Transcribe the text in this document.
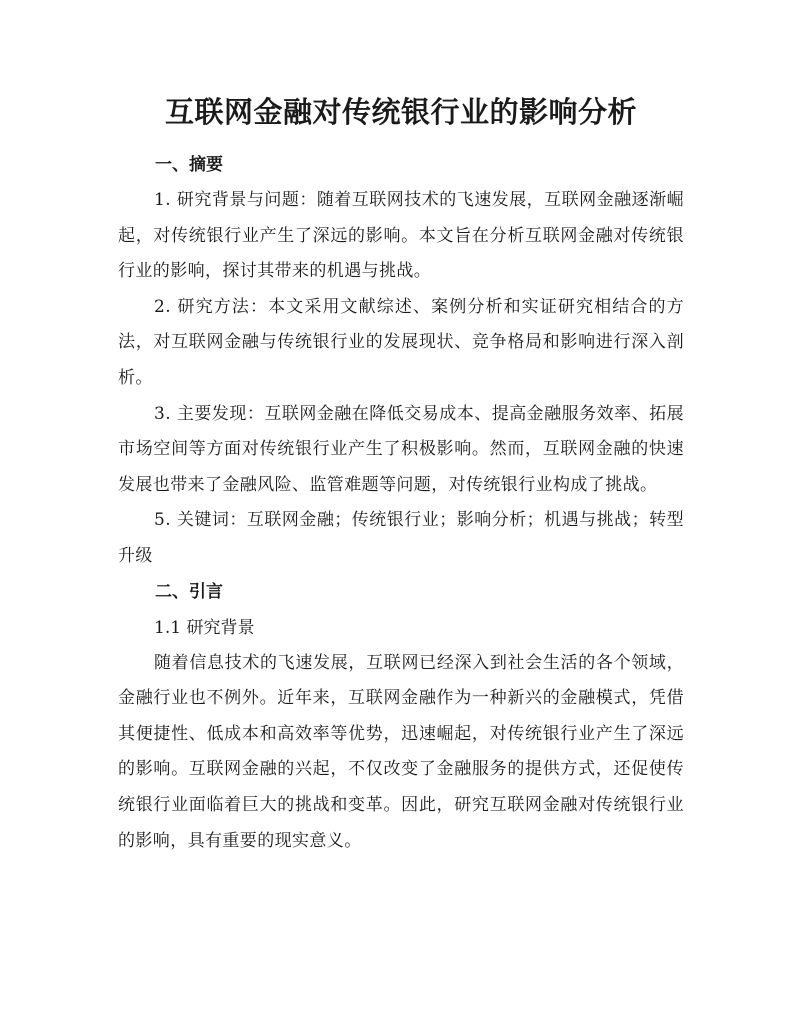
互联网金融对传统银行业的影响分析
一、摘要

1. 研究背景与问题：随着互联网技术的飞速发展，互联网金融逐渐崛起，对传统银行业产生了深远的影响。本文旨在分析互联网金融对传统银行业的影响，探讨其带来的机遇与挑战。

2. 研究方法：本文采用文献综述、案例分析和实证研究相结合的方法，对互联网金融与传统银行业的发展现状、竞争格局和影响进行深入剖析。

3. 主要发现：互联网金融在降低交易成本、提高金融服务效率、拓展市场空间等方面对传统银行业产生了积极影响。然而，互联网金融的快速发展也带来了金融风险、监管难题等问题，对传统银行业构成了挑战。

5. 关键词：互联网金融；传统银行业；影响分析；机遇与挑战；转型升级

二、引言

1.1 研究背景

随着信息技术的飞速发展，互联网已经深入到社会生活的各个领域，金融行业也不例外。近年来，互联网金融作为一种新兴的金融模式，凭借其便捷性、低成本和高效率等优势，迅速崛起，对传统银行业产生了深远的影响。互联网金融的兴起，不仅改变了金融服务的提供方式，还促使传统银行业面临着巨大的挑战和变革。因此，研究互联网金融对传统银行业的影响，具有重要的现实意义。
